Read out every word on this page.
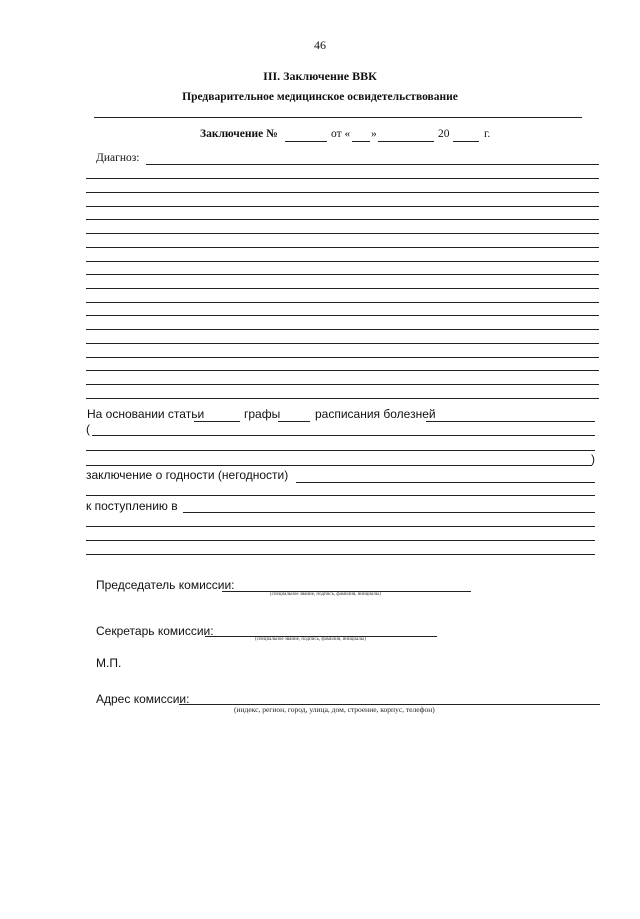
46
III. Заключение ВВК
Предварительное медицинское освидетельствование
Заключение №	от « »	20	г.
Диагноз:
На основании статьи	графы	расписания болезней
(
)
заключение о годности (негодности)
к поступлению в
Председатель комиссии:
(специальное звание, подпись, фамилия, инициалы)
Секретарь комиссии:
(специальное звание, подпись, фамилия, инициалы)
М.П.
Адрес комиссии:
(индекс, регион, город, улица, дом, строение, корпус, телефон)
